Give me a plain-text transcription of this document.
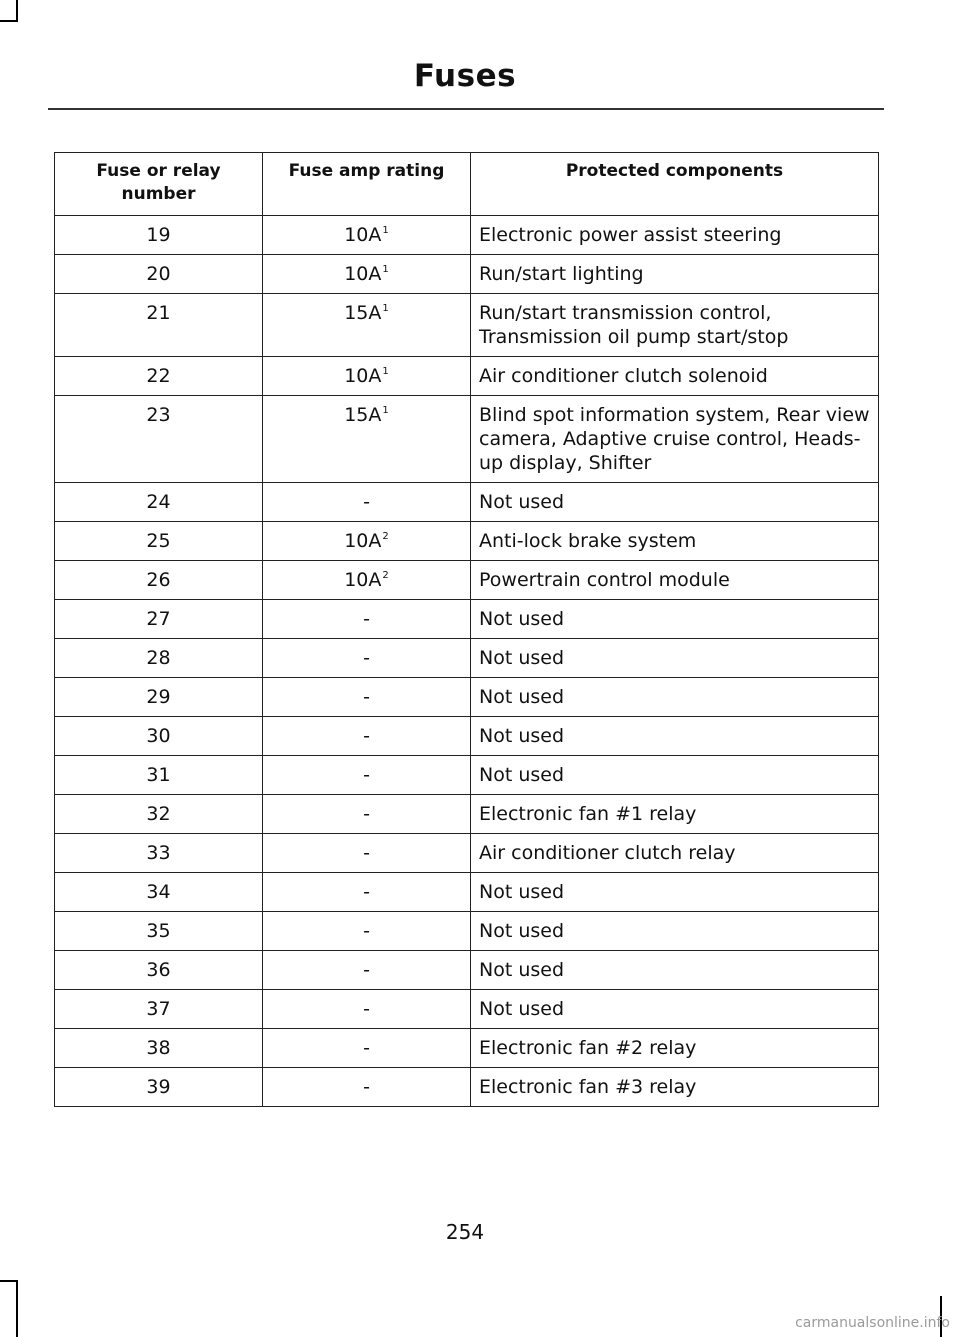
Fuses
Fuse or relay number	Fuse amp rating	Protected components
19	$10A^1$	Electronic power assist steering
20	$10A^1$	Run/start lighting
21	$15A^1$	Run/start transmission control, Transmission oil pump start/stop
22	$10A^1$	Air conditioner clutch solenoid
23	$15A^1$	Blind spot information system, Rear view camera, Adaptive cruise control, Heads-up display, Shifter
24	-	Not used
25	$10A^2$	Anti-lock brake system
26	$10A^2$	Powertrain control module
27	-	Not used
28	-	Not used
29	-	Not used
30	-	Not used
31	-	Not used
32	-	Electronic fan #1 relay
33	-	Air conditioner clutch relay
34	-	Not used
35	-	Not used
36	-	Not used
37	-	Not used
38	-	Electronic fan #2 relay
39	-	Electronic fan #3 relay
254
carmanualsonline.info
